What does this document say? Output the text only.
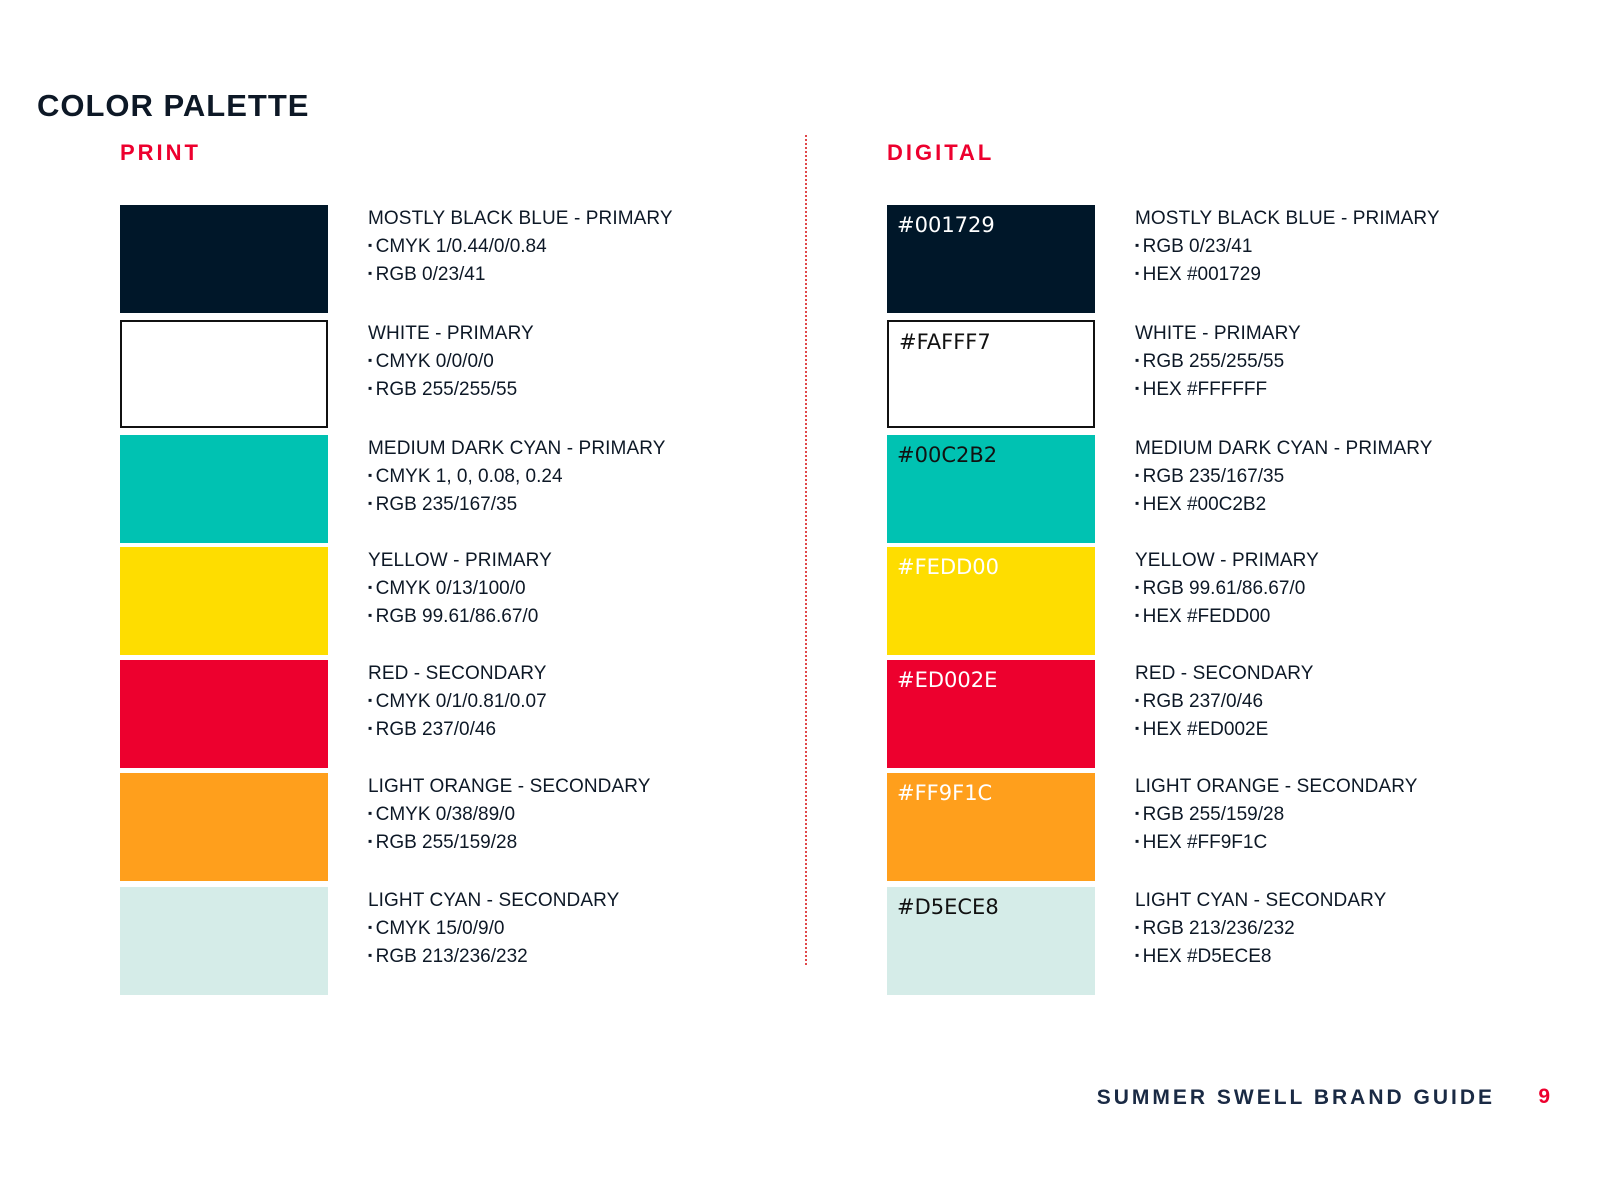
COLOR PALETTE
PRINT	DIGITAL
MOSTLY BLACK BLUE - PRIMARY
▪ CMYK 1/0.44/0/0.84
▪ RGB 0/23/41
WHITE - PRIMARY
▪ CMYK 0/0/0/0
▪ RGB 255/255/55
MEDIUM DARK CYAN - PRIMARY
▪ CMYK 1, 0, 0.08, 0.24
▪ RGB 235/167/35
YELLOW - PRIMARY
▪ CMYK 0/13/100/0
▪ RGB 99.61/86.67/0
RED - SECONDARY
▪ CMYK 0/1/0.81/0.07
▪ RGB 237/0/46
LIGHT ORANGE - SECONDARY
▪ CMYK 0/38/89/0
▪ RGB 255/159/28
LIGHT CYAN - SECONDARY
▪ CMYK 15/0/9/0
▪ RGB 213/236/232
#001729	MOSTLY BLACK BLUE - PRIMARY
▪ RGB 0/23/41
▪ HEX #001729
#FAFFF7	WHITE - PRIMARY
▪ RGB 255/255/55
▪ HEX #FFFFFF
#00C2B2	MEDIUM DARK CYAN - PRIMARY
▪ RGB 235/167/35
▪ HEX #00C2B2
#FEDD00	YELLOW - PRIMARY
▪ RGB 99.61/86.67/0
▪ HEX #FEDD00
#ED002E	RED - SECONDARY
▪ RGB 237/0/46
▪ HEX #ED002E
#FF9F1C	LIGHT ORANGE - SECONDARY
▪ RGB 255/159/28
▪ HEX #FF9F1C
#D5ECE8	LIGHT CYAN - SECONDARY
▪ RGB 213/236/232
▪ HEX #D5ECE8
SUMMER SWELL BRAND GUIDE 9
